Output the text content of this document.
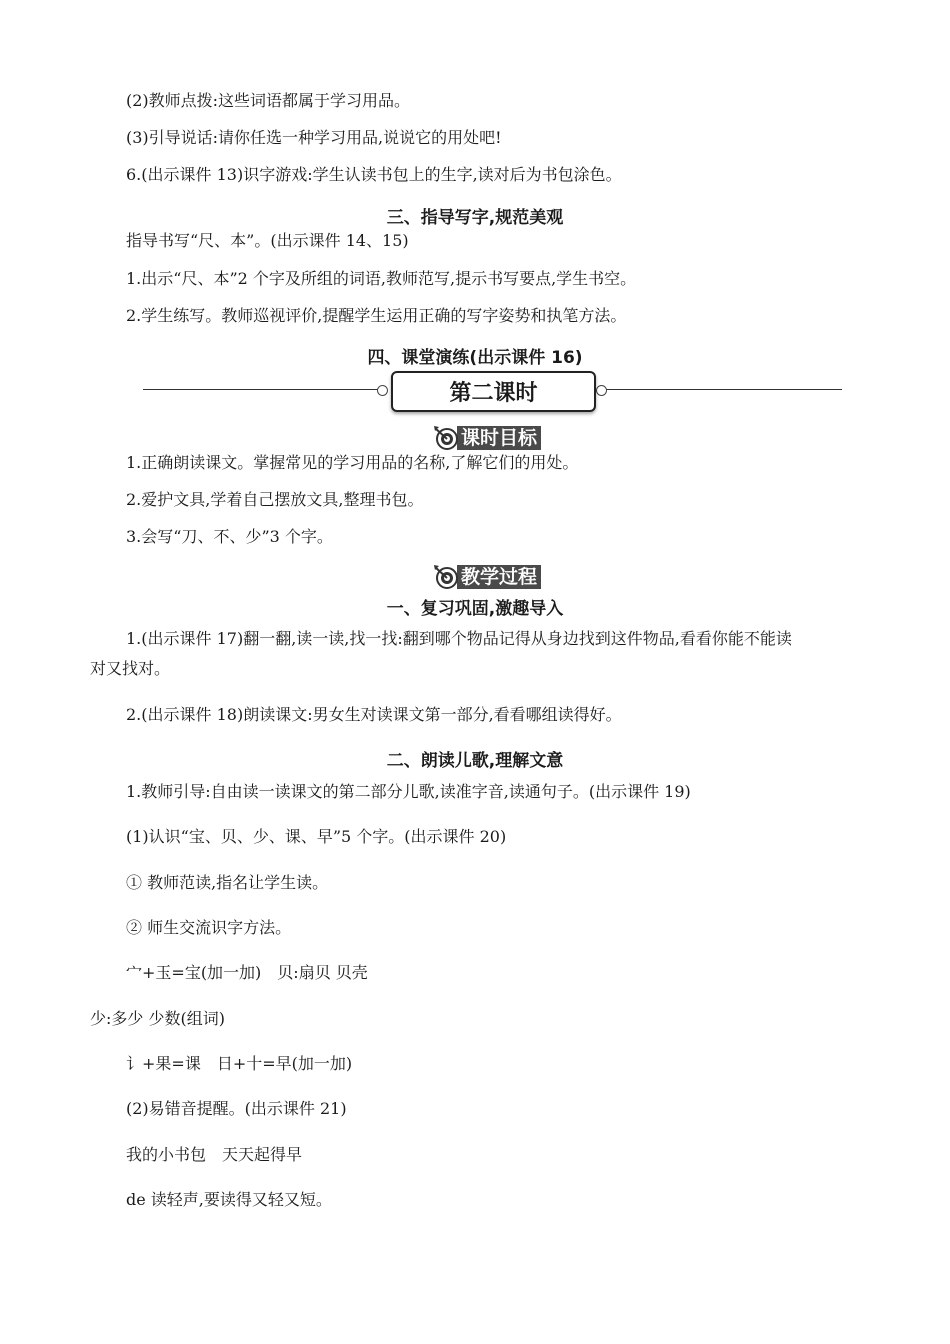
(2)教师点拨:这些词语都属于学习用品。
(3)引导说话:请你任选一种学习用品,说说它的用处吧!
6.(出示课件 13)识字游戏:学生认读书包上的生字,读对后为书包涂色。
三、指导写字,规范美观
指导书写“尺、本”。(出示课件 14、15)
1.出示“尺、本”2 个字及所组的词语,教师范写,提示书写要点,学生书空。
2.学生练写。教师巡视评价,提醒学生运用正确的写字姿势和执笔方法。
四、课堂演练(出示课件 16)
第二课时
课时目标
1.正确朗读课文。掌握常见的学习用品的名称,了解它们的用处。
2.爱护文具,学着自己摆放文具,整理书包。
3.会写“刀、不、少”3 个字。
教学过程
一、复习巩固,激趣导入
1.(出示课件 17)翻一翻,读一读,找一找:翻到哪个物品记得从身边找到这件物品,看看你能不能读
对又找对。
2.(出示课件 18)朗读课文:男女生对读课文第一部分,看看哪组读得好。
二、朗读儿歌,理解文意
1.教师引导:自由读一读课文的第二部分儿歌,读准字音,读通句子。(出示课件 19)
(1)认识“宝、贝、少、课、早”5 个字。(出示课件 20)
① 教师范读,指名让学生读。
② 师生交流识字方法。
宀+玉=宝(加一加)　贝:扇贝 贝壳
少:多少 少数(组词)
讠+果=课　日+十=早(加一加)
(2)易错音提醒。(出示课件 21)
我的小书包　天天起得早
de 读轻声,要读得又轻又短。
